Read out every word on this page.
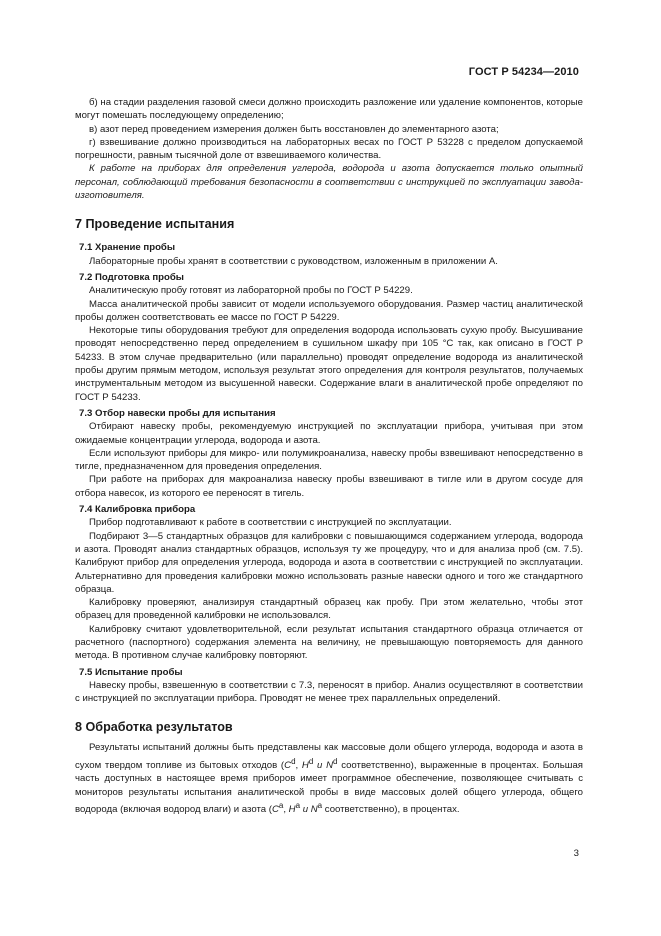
ГОСТ Р 54234—2010

б) на стадии разделения газовой смеси должно происходить разложение или удаление компонентов, которые могут помешать последующему определению;

в) азот перед проведением измерения должен быть восстановлен до элементарного азота;

г) взвешивание должно производиться на лабораторных весах по ГОСТ Р 53228 с пределом допускаемой погрешности, равным тысячной доле от взвешиваемого количества.

К работе на приборах для определения углерода, водорода и азота допускается только опытный персонал, соблюдающий требования безопасности в соответствии с инструкцией по эксплуатации завода-изготовителя.

7 Проведение испытания

7.1 Хранение пробы

Лабораторные пробы хранят в соответствии с руководством, изложенным в приложении А.

7.2 Подготовка пробы

Аналитическую пробу готовят из лабораторной пробы по ГОСТ Р 54229.

Масса аналитической пробы зависит от модели используемого оборудования. Размер частиц аналитической пробы должен соответствовать ее массе по ГОСТ Р 54229.

Некоторые типы оборудования требуют для определения водорода использовать сухую пробу. Высушивание проводят непосредственно перед определением в сушильном шкафу при 105 °С так, как описано в ГОСТ Р 54233. В этом случае предварительно (или параллельно) проводят определение водорода из аналитической пробы другим прямым методом, используя результат этого определения для контроля результатов, получаемых инструментальным методом из высушенной навески. Содержание влаги в аналитической пробе определяют по ГОСТ Р 54233.

7.3 Отбор навески пробы для испытания

Отбирают навеску пробы, рекомендуемую инструкцией по эксплуатации прибора, учитывая при этом ожидаемые концентрации углерода, водорода и азота.

Если используют приборы для микро- или полумикроанализа, навеску пробы взвешивают непосредственно в тигле, предназначенном для проведения определения.

При работе на приборах для макроанализа навеску пробы взвешивают в тигле или в другом сосуде для отбора навесок, из которого ее переносят в тигель.

7.4 Калибровка прибора

Прибор подготавливают к работе в соответствии с инструкцией по эксплуатации.

Подбирают 3—5 стандартных образцов для калибровки с повышающимся содержанием углерода, водорода и азота. Проводят анализ стандартных образцов, используя ту же процедуру, что и для анализа проб (см. 7.5). Калибруют прибор для определения углерода, водорода и азота в соответствии с инструкцией по эксплуатации. Альтернативно для проведения калибровки можно использовать разные навески одного и того же стандартного образца.

Калибровку проверяют, анализируя стандартный образец как пробу. При этом желательно, чтобы этот образец для проведенной калибровки не использовался.

Калибровку считают удовлетворительной, если результат испытания стандартного образца отличается от расчетного (паспортного) содержания элемента на величину, не превышающую повторяемость для данного метода. В противном случае калибровку повторяют.

7.5 Испытание пробы

Навеску пробы, взвешенную в соответствии с 7.3, переносят в прибор. Анализ осуществляют в соответствии с инструкцией по эксплуатации прибора. Проводят не менее трех параллельных определений.

8 Обработка результатов

Результаты испытаний должны быть представлены как массовые доли общего углерода, водорода и азота в сухом твердом топливе из бытовых отходов ($C^d$, $H^d$ и $N^d$ соответственно), выраженные в процентах. Большая часть доступных в настоящее время приборов имеет программное обеспечение, позволяющее считывать с мониторов результаты испытания аналитической пробы в виде массовых долей общего углерода, общего водорода (включая водород влаги) и азота ($C^a$, $H^a$ и $N^a$ соответственно), в процентах.

3
